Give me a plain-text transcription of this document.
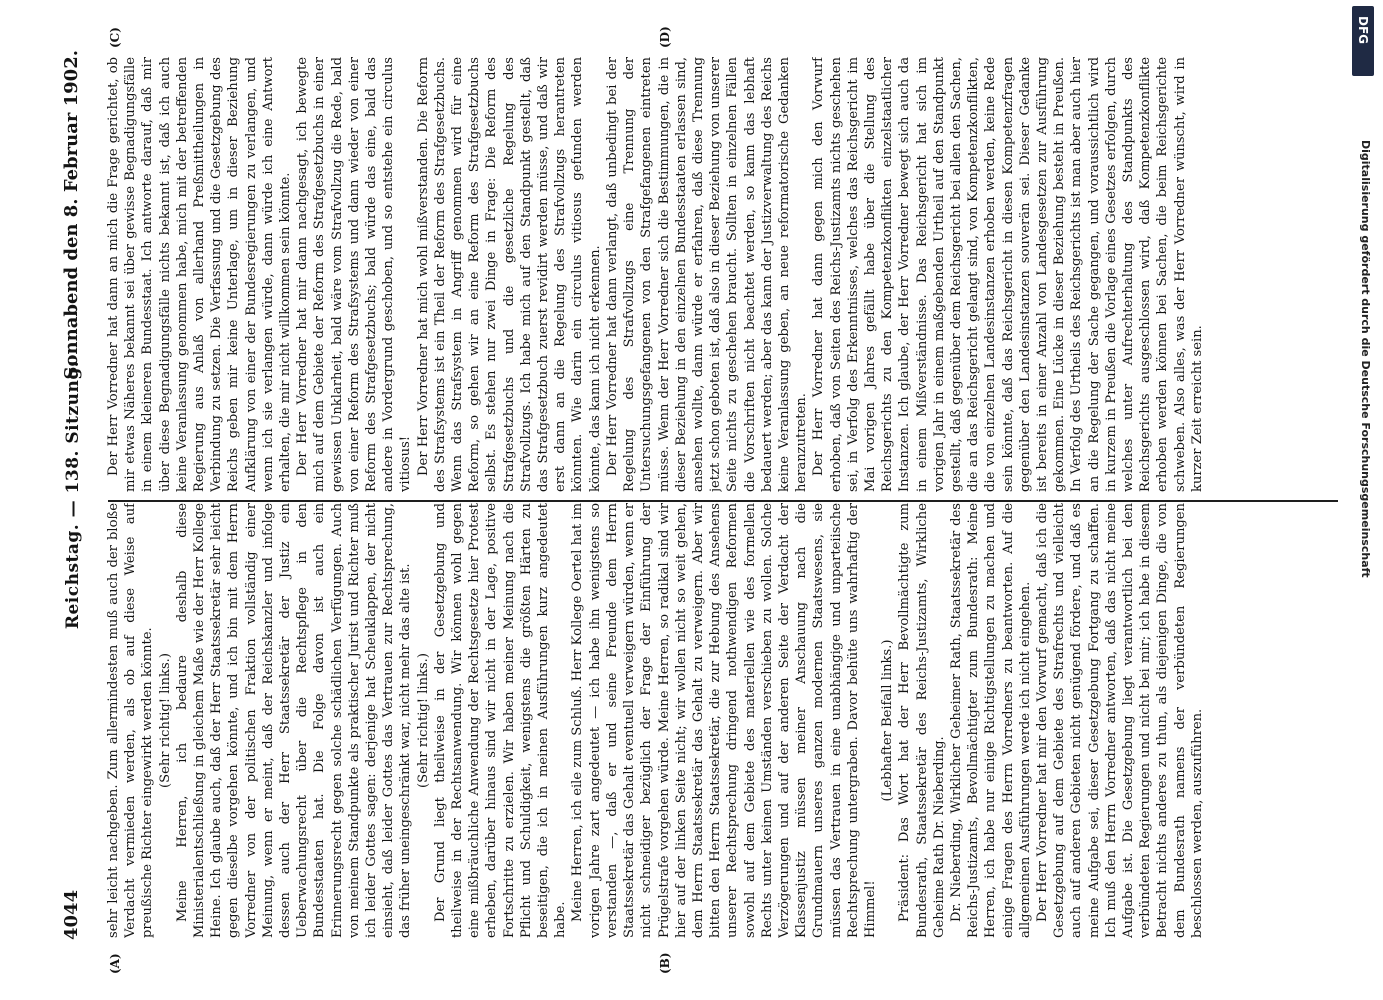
4044
Reichstag. — 138. Sitzung.
Sonnabend den 8. Februar 1902.
(A)	(B)
(C)	(D)

sehr leicht nachgeben. Zum allermindesten muß auch der bloße Verdacht vermieden werden, als ob auf diese Weise auf preußische Richter eingewirkt werden könnte. (Sehr richtig! links.) Meine Herren, ich bedaure deshalb diese Ministerialentschließung in gleichem Maße wie der Herr Kollege Heine. Ich glaube auch, daß der Herr Staatssekretär sehr leicht gegen dieselbe vorgehen könnte, und ich bin mit dem Herrn Vorredner von der politischen Fraktion vollständig einer Meinung, wenn er meint, daß der Reichskanzler und infolge dessen auch der Herr Staatssekretär der Justiz ein Ueberwachungsrecht über die Rechtspflege in den Bundesstaaten hat. Die Folge davon ist auch ein Erinnerungsrecht gegen solche schädlichen Verfügungen. Auch von meinem Standpunkte als praktischer Jurist und Richter muß ich leider Gottes sagen: derjenige hat Scheuklappen, der nicht einsieht, daß leider Gottes das Vertrauen zur Rechtsprechung, das früher uneingeschränkt war, nicht mehr das alte ist. (Sehr richtig! links.) Der Grund liegt theilweise in der Gesetzgebung und theilweise in der Rechtsanwendung. Wir können wohl gegen eine mißbräuchliche Anwendung der Rechtsgesetze hier Protest erheben, darüber hinaus sind wir nicht in der Lage, positive Fortschritte zu erzielen. Wir haben meiner Meinung nach die Pflicht und Schuldigkeit, wenigstens die größten Härten zu beseitigen, die ich in meinen Ausführungen kurz angedeutet habe. Meine Herren, ich eile zum Schluß. Herr Kollege Oertel hat im vorigen Jahre zart angedeutet — ich habe ihn wenigstens so verstanden —, daß er und seine Freunde dem Herrn Staatssekretär das Gehalt eventuell verweigern würden, wenn er nicht schneidiger bezüglich der Frage der Einführung der Prügelstrafe vorgehen würde. Meine Herren, so radikal sind wir hier auf der linken Seite nicht; wir wollen nicht so weit gehen, dem Herrn Staatssekretär das Gehalt zu verweigern. Aber wir bitten den Herrn Staatssekretär, die zur Hebung des Ansehens unserer Rechtsprechung dringend nothwendigen Reformen sowohl auf dem Gebiete des materiellen wie des formellen Rechts unter keinen Umständen verschieben zu wollen. Solche Verzögerungen und auf der anderen Seite der Verdacht der Klassenjustiz müssen meiner Anschauung nach die Grundmauern unseres ganzen modernen Staatswesens, sie müssen das Vertrauen in eine unabhängige und unparteiische Rechtsprechung untergraben. Davor behüte uns wahrhaftig der Himmel!

(Lebhafter Beifall links.) Präsident: Das Wort hat der Herr Bevollmächtigte zum Bundesrath, Staatssekretär des Reichs-Justizamts, Wirkliche Geheime Rath Dr. Nieberding. Dr. Nieberding, Wirklicher Geheimer Rath, Staatssekretär des Reichs-Justizamts, Bevollmächtigter zum Bundesrath: Meine Herren, ich habe nur einige Richtigstellungen zu machen und einige Fragen des Herrn Vorredners zu beantworten. Auf die allgemeinen Ausführungen werde ich nicht eingehen. Der Herr Vorredner hat mir den Vorwurf gemacht, daß ich die Gesetzgebung auf dem Gebiete des Strafrechts und vielleicht auch auf anderen Gebieten nicht genügend fördere, und daß es meine Aufgabe sei, dieser Gesetzgebung Fortgang zu schaffen. Ich muß den Herrn Vorredner antworten, daß das nicht meine Aufgabe ist. Die Gesetzgebung liegt verantwortlich bei den verbündeten Regierungen und nicht bei mir; ich habe in diesem Betracht nichts anderes zu thun, als diejenigen Dinge, die von dem Bundesrath namens der verbündeten Regierungen beschlossen werden, auszuführen.

Der Herr Vorredner hat dann an mich die Frage gerichtet, ob mir etwas Näheres bekannt sei über gewisse Begnadigungsfälle in einem kleineren Bundesstaat. Ich antworte darauf, daß mir über diese Begnadigungsfälle nichts bekannt ist, daß ich auch keine Veranlassung genommen habe, mich mit der betreffenden Regierung aus Anlaß von allerhand Preßmittheilungen in Verbindung zu setzen. Die Verfassung und die Gesetzgebung des Reichs geben mir keine Unterlage, um in dieser Beziehung Aufklärung von einer der Bundesregierungen zu verlangen, und wenn ich sie verlangen würde, dann würde ich eine Antwort erhalten, die mir nicht willkommen sein könnte. Der Herr Vorredner hat mir dann nachgesagt, ich bewegte mich auf dem Gebiete der Reform des Strafgesetzbuchs in einer gewissen Unklarheit, bald wäre vom Strafvollzug die Rede, bald von einer Reform des Strafsystems und dann wieder von einer Reform des Strafgesetzbuchs; bald würde das eine, bald das andere in Vordergrund geschoben, und so entstehe ein circulus vitiosus! Der Herr Vorredner hat mich wohl mißverstanden. Die Reform des Strafsystems ist ein Theil der Reform des Strafgesetzbuchs. Wenn das Strafsystem in Angriff genommen wird für eine Reform, so gehen wir an eine Reform des Strafgesetzbuchs selbst. Es stehen nur zwei Dinge in Frage: Die Reform des Strafgesetzbuchs und die gesetzliche Regelung des Strafvollzugs. Ich habe mich auf den Standpunkt gestellt, daß das Strafgesetzbuch zuerst revidirt werden müsse, und daß wir erst dann an die Regelung des Strafvollzugs herantreten könnten. Wie darin ein circulus vitiosus gefunden werden könnte, das kann ich nicht erkennen. Der Herr Vorredner hat dann verlangt, daß unbedingt bei der Regelung des Strafvollzugs eine Trennung der Untersuchungsgefangenen von den Strafgefangenen eintreten müsse. Wenn der Herr Vorredner sich die Bestimmungen, die in dieser Beziehung in den einzelnen Bundesstaaten erlassen sind, ansehen wollte, dann würde er erfahren, daß diese Trennung jetzt schon geboten ist, daß also in dieser Beziehung von unserer Seite nichts zu geschehen braucht. Sollten in einzelnen Fällen die Vorschriften nicht beachtet werden, so kann das lebhaft bedauert werden; aber das kann der Justizverwaltung des Reichs keine Veranlassung geben, an neue reformatorische Gedanken heranzutreten. Der Herr Vorredner hat dann gegen mich den Vorwurf erhoben, daß von Seiten des Reichs-Justizamts nichts geschehen sei, in Verfolg des Erkenntnisses, welches das Reichsgericht im Mai vorigen Jahres gefällt habe über die Stellung des Reichsgerichts zu den Kompetenzkonflikten einzelstaatlicher Instanzen. Ich glaube, der Herr Vorredner bewegt sich auch da in einem Mißverständnisse. Das Reichsgericht hat sich im vorigen Jahr in einem maßgebenden Urtheil auf den Standpunkt gestellt, daß gegenüber dem Reichsgericht bei allen den Sachen, die an das Reichsgericht gelangt sind, von Kompetenzkonflikten, die von einzelnen Landesinstanzen erhoben werden, keine Rede sein könnte, daß das Reichsgericht in diesen Kompetenzfragen gegenüber den Landesinstanzen souverän sei. Dieser Gedanke ist bereits in einer Anzahl von Landesgesetzen zur Ausführung gekommen. Eine Lücke in dieser Beziehung besteht in Preußen. In Verfolg des Urtheils des Reichsgerichts ist man aber auch hier an die Regelung der Sache gegangen, und voraussichtlich wird in kurzem in Preußen die Vorlage eines Gesetzes erfolgen, durch welches unter Aufrechterhaltung des Standpunkts des Reichsgerichts ausgeschlossen wird, daß Kompetenzkonflikte erhoben werden können bei Sachen, die beim Reichsgerichte schweben. Also alles, was der Herr Vorredner wünscht, wird in kurzer Zeit erreicht sein.

DFG
Digitalisierung gefördert durch die Deutsche Forschungsgemeinschaft
